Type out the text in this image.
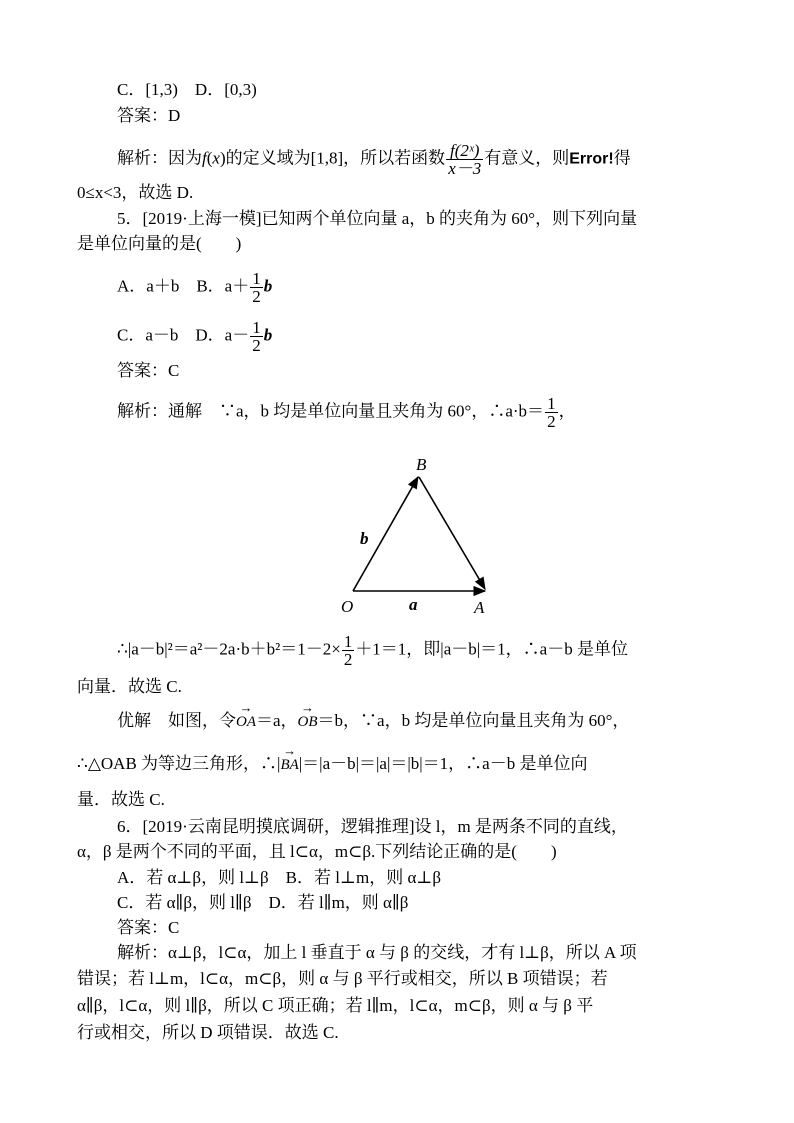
C．[1,3)　D．[0,3)
答案：D
解析：因为f(x)的定义域为[1,8]，所以若函数 $\frac{\text{f(2ˣ)}}{x-3}$ 有意义，则Error!得
0≤x<3，故选 D.
5．[2019·上海一模]已知两个单位向量 a，b 的夹角为 60°，则下列向量
是单位向量的是(　　)
A．a＋b　B．$a+ \frac{1}{2}$ b
C．a－b　D．$a- \frac{1}{2}$ b
答案：C
解析：通解　∵a，b 均是单位向量且夹角为 60°，∴a·b＝ $\frac{1}{2}$ ，
B
O	A
a
b
∴|a－b|²＝a²－2a·b＋b²＝1－2× $\frac{1}{2} +1=1$，即|a－b|＝1，∴a－b 是单位
向量．故选 C.
优解　如图，令→ OA＝a，→ OB＝b，∵a，b 均是单位向量且夹角为 60°，
∴△OAB 为等边三角形，∴|→ BA|＝|a－b|＝|a|＝|b|＝1，∴a－b 是单位向
量．故选 C.
6．[2019·云南昆明摸底调研，逻辑推理]设 l，m 是两条不同的直线，
α，β 是两个不同的平面，且 l⊂α，m⊂β.下列结论正确的是(　　)
A．若 α⊥β，则 l⊥β　B．若 l⊥m，则 α⊥β
C．若 α∥β，则 l∥β　D．若 l∥m，则 α∥β
答案：C
解析：α⊥β，l⊂α，加上 l 垂直于 α 与 β 的交线，才有 l⊥β，所以 A 项
错误；若 l⊥m，l⊂α，m⊂β，则 α 与 β 平行或相交，所以 B 项错误；若
α∥β，l⊂α，则 l∥β，所以 C 项正确；若 l∥m，l⊂α，m⊂β，则 α 与 β 平
行或相交，所以 D 项错误．故选 C.
